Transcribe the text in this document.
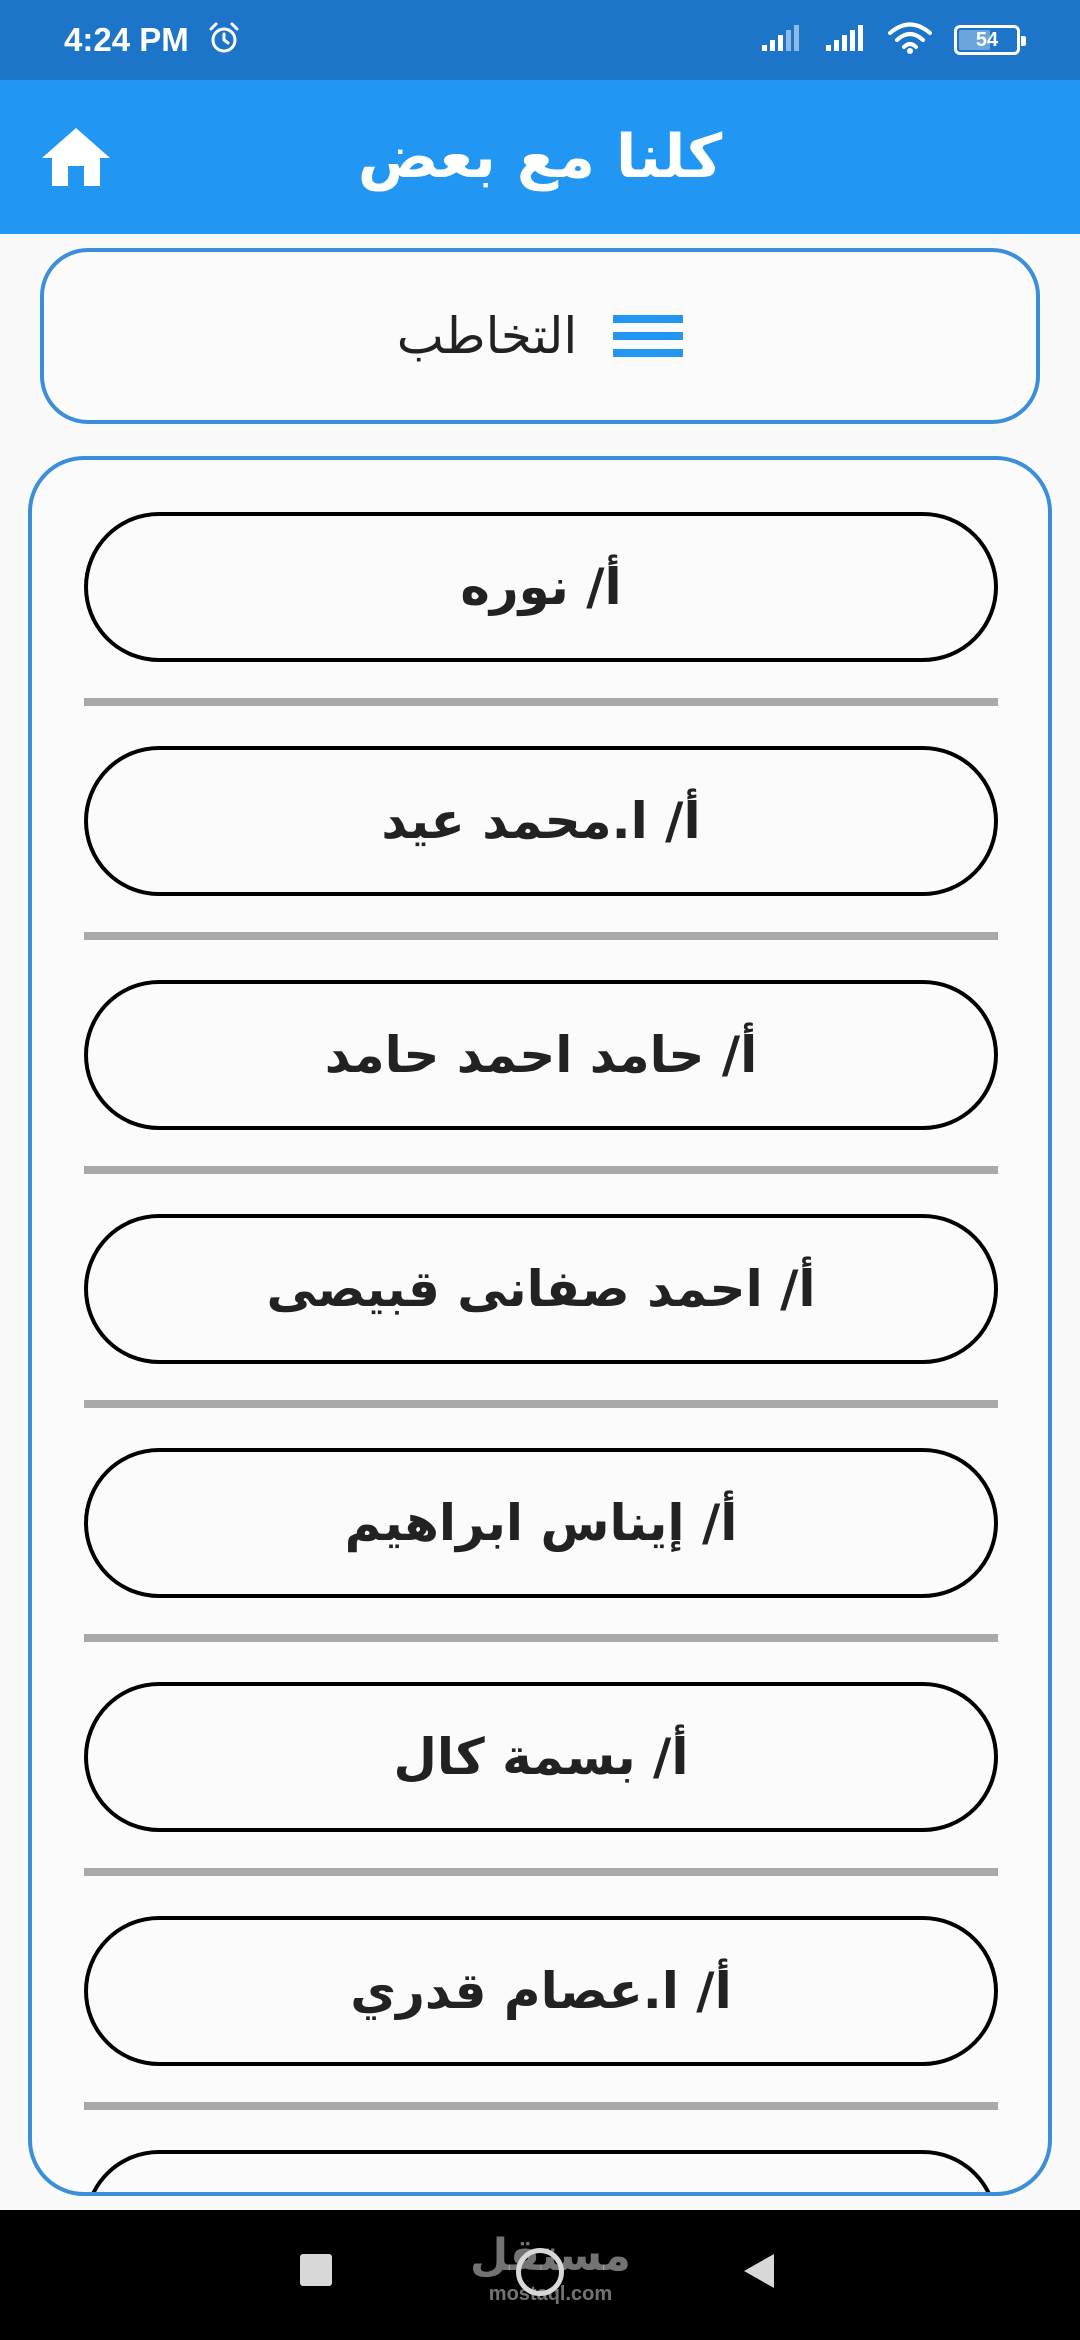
4:24 PM	54
كلنا مع بعض
التخاطب
أ/ نوره
أ/ ا.محمد عيد
أ/ حامد احمد حامد
أ/ احمد صفانى قبيصى
أ/ إيناس ابراهيم
أ/ بسمة كال
أ/ ا.عصام قدري
مستقل
mostaql.com
